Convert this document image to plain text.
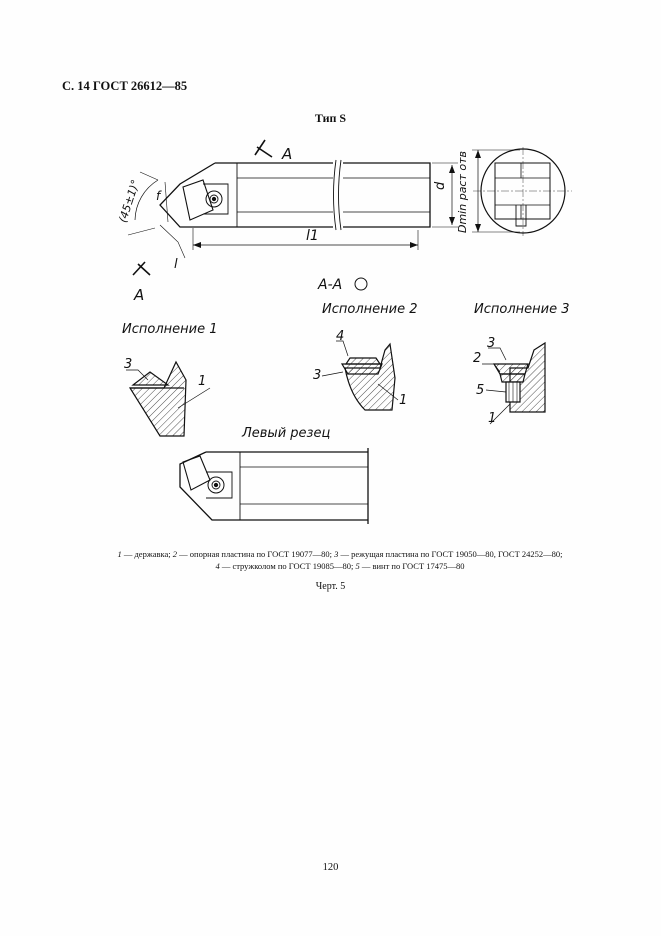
С. 14 ГОСТ 26612—85
Тип S
A
A
(45±1)° f
l
l1
d Dmin раст отв
А-А
Исполнение 2	Исполнение 3
Исполнение 1
Левый резец
3
1
4
3
1
3
2
5
1
1 — державка; 2 — опорная пластина по ГОСТ 19077—80; 3 — режущая пластина по ГОСТ 19050—80, ГОСТ 24252—80;
4 — стружколом по ГОСТ 19085—80; 5 — винт по ГОСТ 17475—80
Черт. 5
120
